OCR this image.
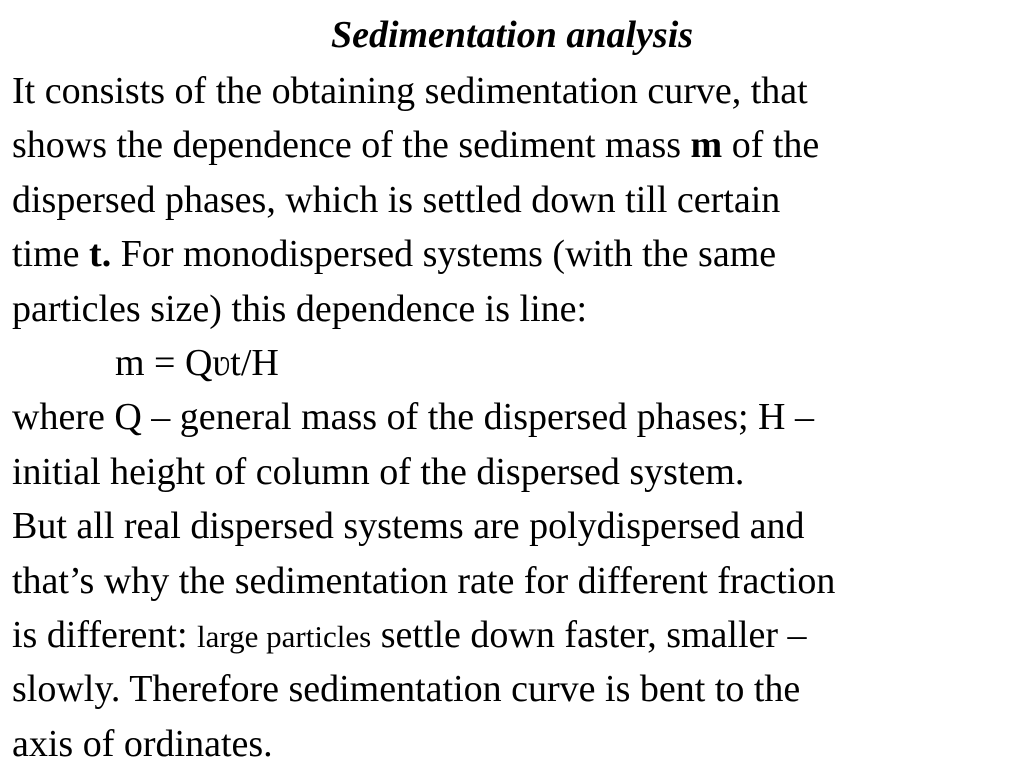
Sedimentation analysis
It consists of the obtaining sedimentation curve, that
shows the dependence of the sediment mass m of the
dispersed phases, which is settled down till certain
time t. For monodispersed systems (with the same
particles size) this dependence is line:
m = Qʋt/H
where Q – general mass of the dispersed phases; H –
initial height of column of the dispersed system.
But all real dispersed systems are polydispersed and
that’s why the sedimentation rate for different fraction
is different: large particles settle down faster, smaller –
slowly. Therefore sedimentation curve is bent to the
axis of ordinates.
